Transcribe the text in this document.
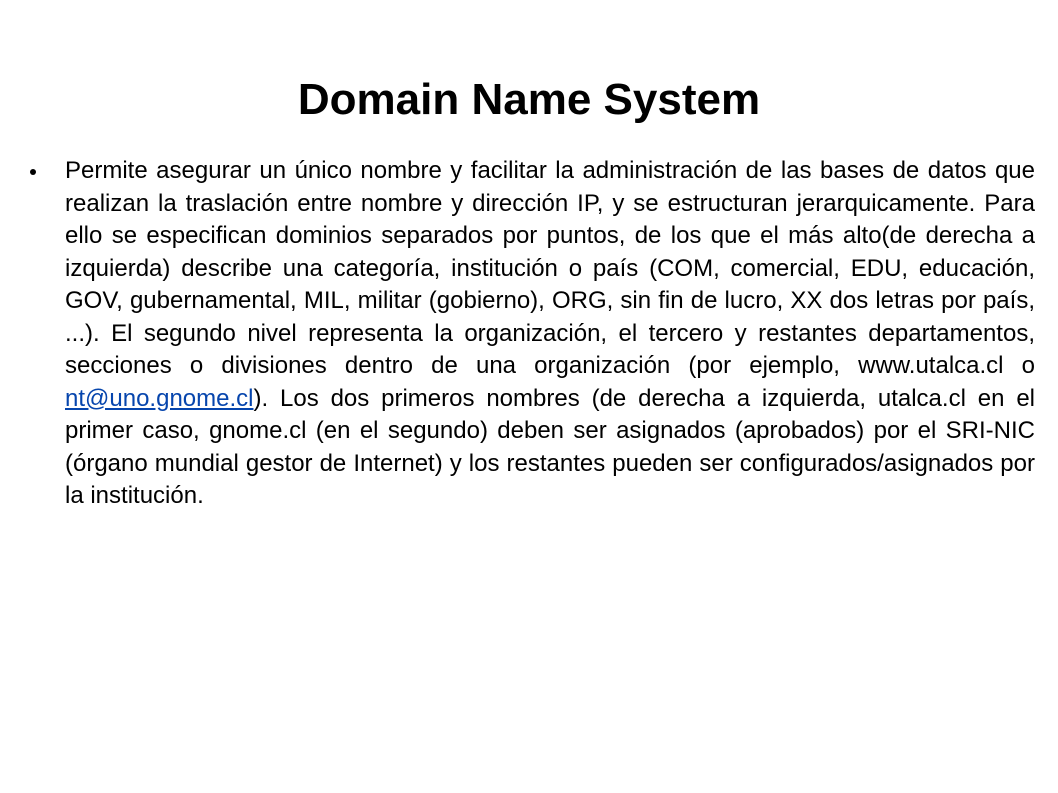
Domain Name System
Permite asegurar un único nombre y facilitar la administración de las bases de datos que realizan la traslación entre nombre y dirección IP, y se estructuran jerarquicamente. Para ello se especifican dominios separados por puntos, de los que el más alto(de derecha a izquierda) describe una categoría, institución o país (COM, comercial, EDU, educación, GOV, gubernamental, MIL, militar (gobierno), ORG, sin fin de lucro, XX dos letras por país, ...). El segundo nivel representa la organización, el tercero y restantes departamentos, secciones o divisiones dentro de una organización (por ejemplo, www.utalca.cl o nt@uno.gnome.cl). Los dos primeros nombres (de derecha a izquierda, utalca.cl en el primer caso, gnome.cl (en el segundo) deben ser asignados (aprobados) por el SRI-NIC (órgano mundial gestor de Internet) y los restantes pueden ser configurados/asignados por la institución.
